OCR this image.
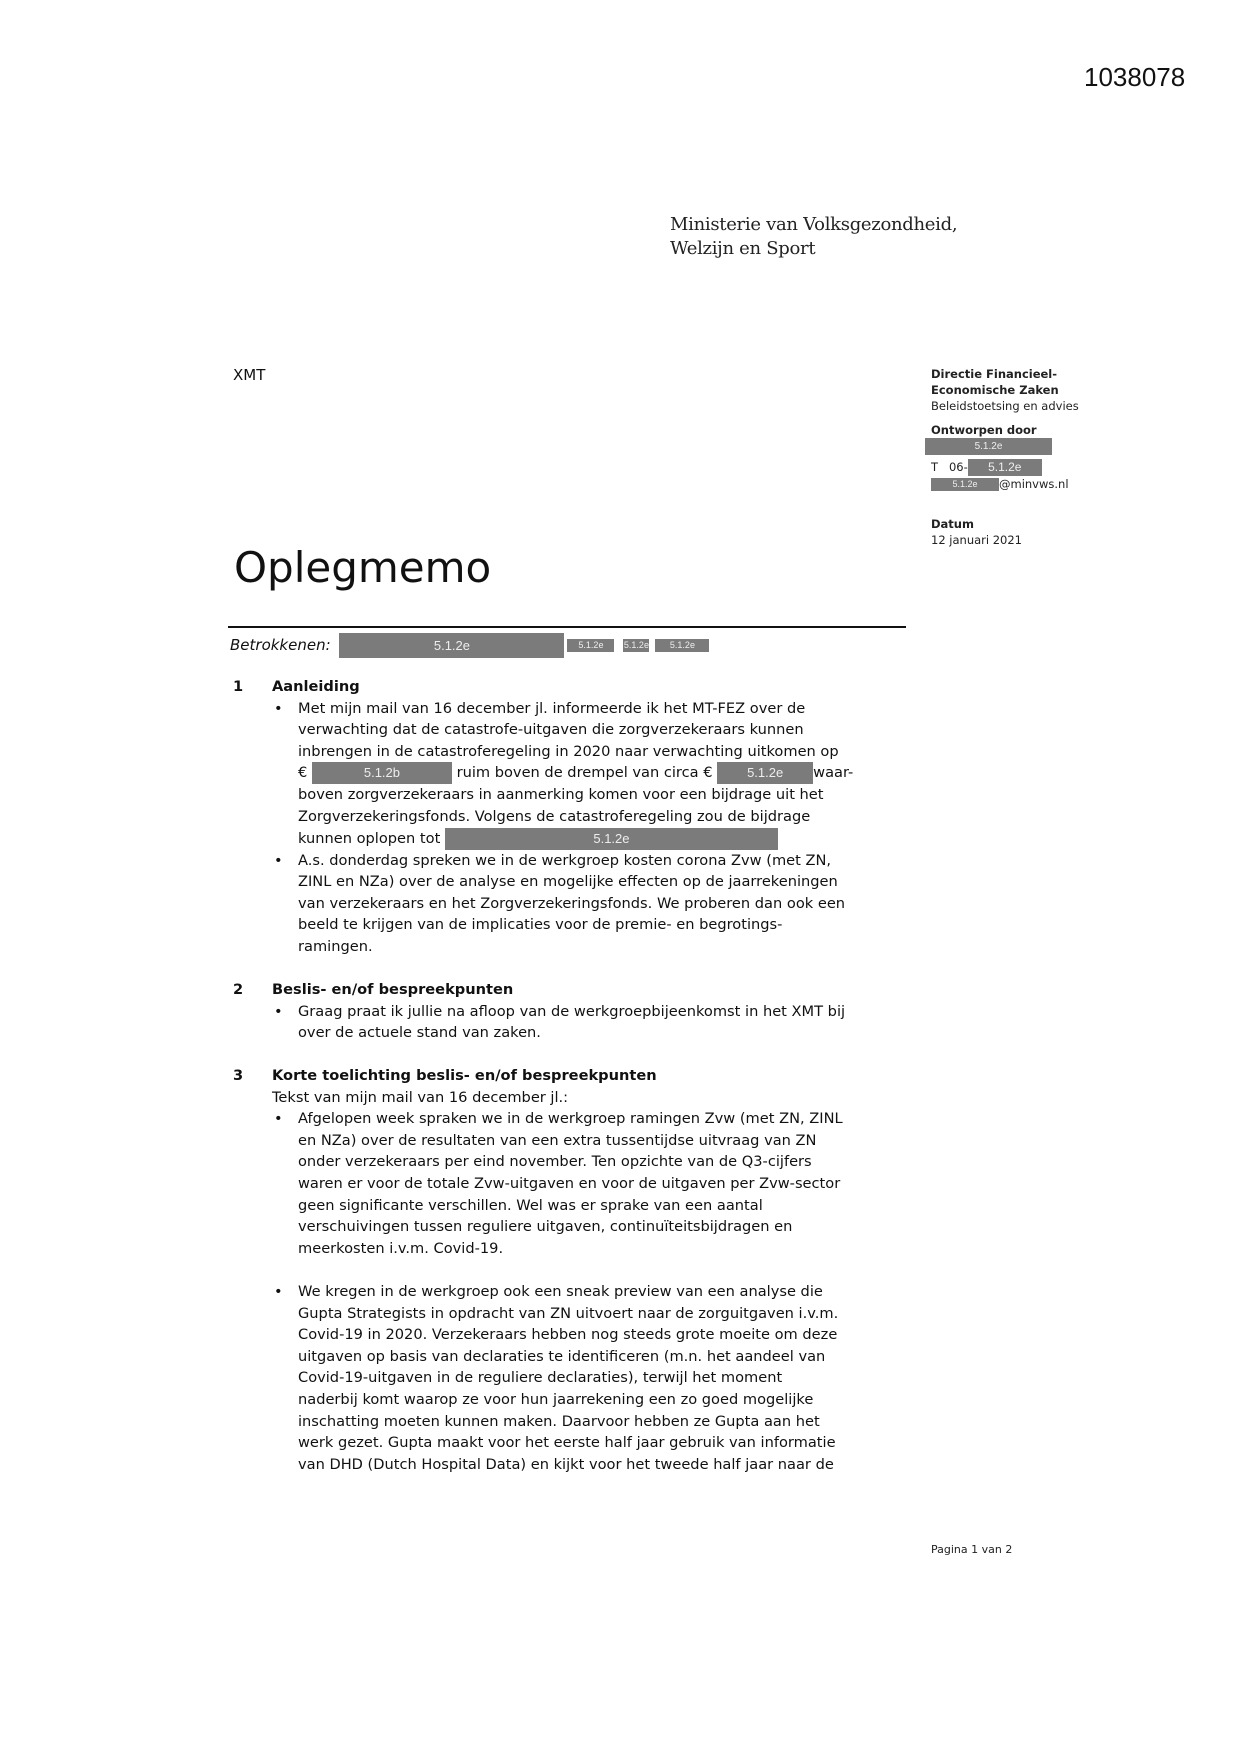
1038078
Ministerie van Volksgezondheid,
Welzijn en Sport
XMT	Directie Financieel-
Economische Zaken
Beleidstoetsing en advies
Ontworpen door
5.1.2e
T   06- 5.1.2e
5.1.2e @minvws.nl
Datum
12 januari 2021
Oplegmemo
Betrokkenen:	5.1.2e	5.1.2e 5.1.2e 5.1.2e
1 Aanleiding
• Met mijn mail van 16 december jl. informeerde ik het MT-FEZ over de
verwachting dat de catastrofe-uitgaven die zorgverzekeraars kunnen
inbrengen in de catastroferegeling in 2020 naar verwachting uitkomen op
€	5.1.2b	ruim boven de drempel van circa € 5.1.2e waar-
boven zorgverzekeraars in aanmerking komen voor een bijdrage uit het
Zorgverzekeringsfonds. Volgens de catastroferegeling zou de bijdrage
kunnen oplopen tot	5.1.2e
• A.s. donderdag spreken we in de werkgroep kosten corona Zvw (met ZN,
ZINL en NZa) over de analyse en mogelijke effecten op de jaarrekeningen
van verzekeraars en het Zorgverzekeringsfonds. We proberen dan ook een
beeld te krijgen van de implicaties voor de premie- en begrotings-
ramingen.
2 Beslis- en/of bespreekpunten
• Graag praat ik jullie na afloop van de werkgroepbijeenkomst in het XMT bij
over de actuele stand van zaken.
3 Korte toelichting beslis- en/of bespreekpunten
Tekst van mijn mail van 16 december jl.:
• Afgelopen week spraken we in de werkgroep ramingen Zvw (met ZN, ZINL
en NZa) over de resultaten van een extra tussentijdse uitvraag van ZN
onder verzekeraars per eind november. Ten opzichte van de Q3-cijfers
waren er voor de totale Zvw-uitgaven en voor de uitgaven per Zvw-sector
geen significante verschillen. Wel was er sprake van een aantal
verschuivingen tussen reguliere uitgaven, continuïteitsbijdragen en
meerkosten i.v.m. Covid-19.
• We kregen in de werkgroep ook een sneak preview van een analyse die
Gupta Strategists in opdracht van ZN uitvoert naar de zorguitgaven i.v.m.
Covid-19 in 2020. Verzekeraars hebben nog steeds grote moeite om deze
uitgaven op basis van declaraties te identificeren (m.n. het aandeel van
Covid-19-uitgaven in de reguliere declaraties), terwijl het moment
naderbij komt waarop ze voor hun jaarrekening een zo goed mogelijke
inschatting moeten kunnen maken. Daarvoor hebben ze Gupta aan het
werk gezet. Gupta maakt voor het eerste half jaar gebruik van informatie
van DHD (Dutch Hospital Data) en kijkt voor het tweede half jaar naar de
Pagina 1 van 2
